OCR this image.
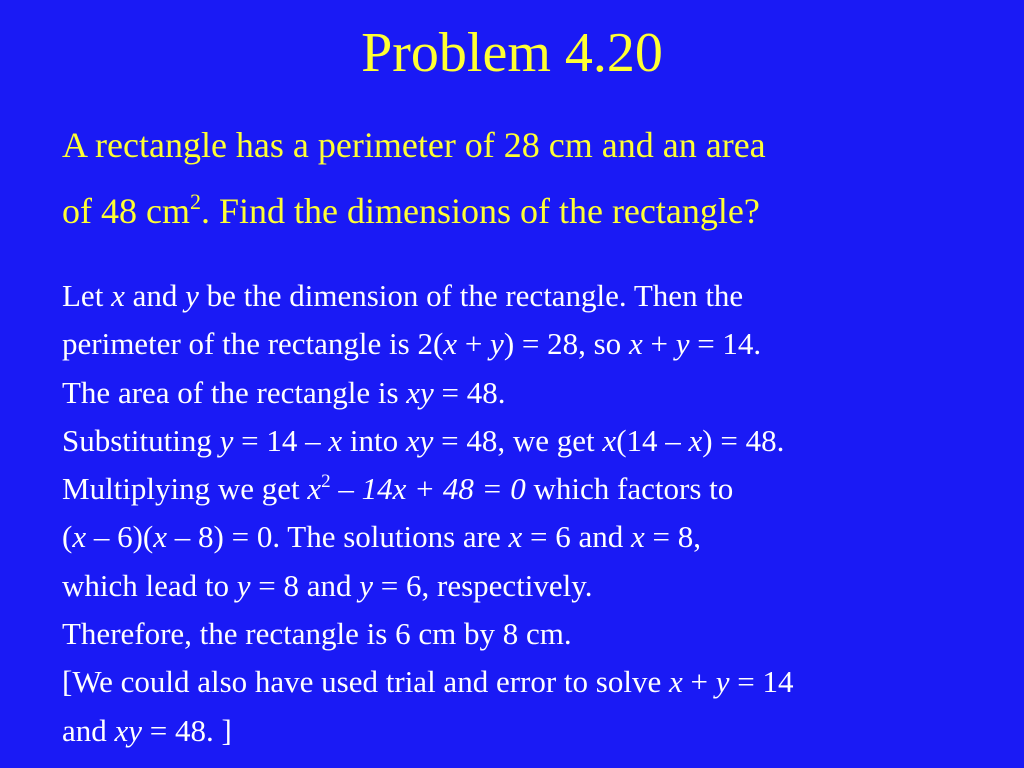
Problem 4.20
A rectangle has a perimeter of 28 cm and an area
of 48 $cm^2$. Find the dimensions of the rectangle?
Let x and y be the dimension of the rectangle. Then the
perimeter of the rectangle is 2(x + y) = 28, so x + y = 14.
The area of the rectangle is xy = 48.
Substituting y = 14 – x into xy = 48, we get x(14 – x) = 48.
Multiplying we get $x^2 - 14x + 48 = 0$ which factors to
(x – 6)(x – 8) = 0. The solutions are x = 6 and x = 8,
which lead to y = 8 and y = 6, respectively.
Therefore, the rectangle is 6 cm by 8 cm.
[We could also have used trial and error to solve x + y = 14
and xy = 48. ]
